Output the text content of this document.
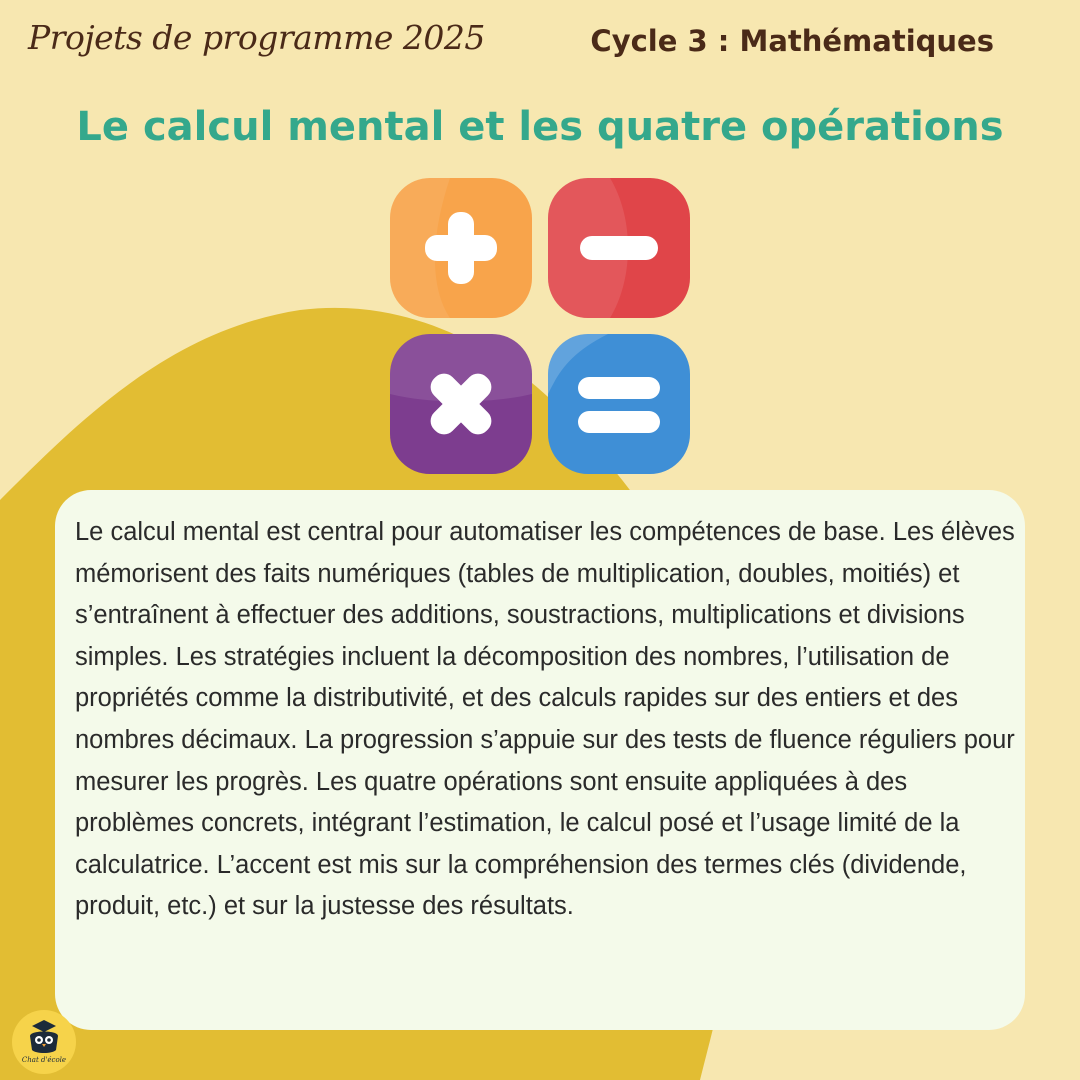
Projets de programme 2025	Cycle 3 : Mathématiques
Le calcul mental et les quatre opérations

Le calcul mental est central pour automatiser les compétences de base. Les élèves mémorisent des faits numériques (tables de multiplication, doubles, moitiés) et s’entraînent à effectuer des additions, soustractions, multiplications et divisions simples. Les stratégies incluent la décomposition des nombres, l’utilisation de propriétés comme la distributivité, et des calculs rapides sur des entiers et des nombres décimaux. La progression s’appuie sur des tests de fluence réguliers pour mesurer les progrès. Les quatre opérations sont ensuite appliquées à des problèmes concrets, intégrant l’estimation, le calcul posé et l’usage limité de la calculatrice. L’accent est mis sur la compréhension des termes clés (dividende, produit, etc.) et sur la justesse des résultats.

Chat d'école
